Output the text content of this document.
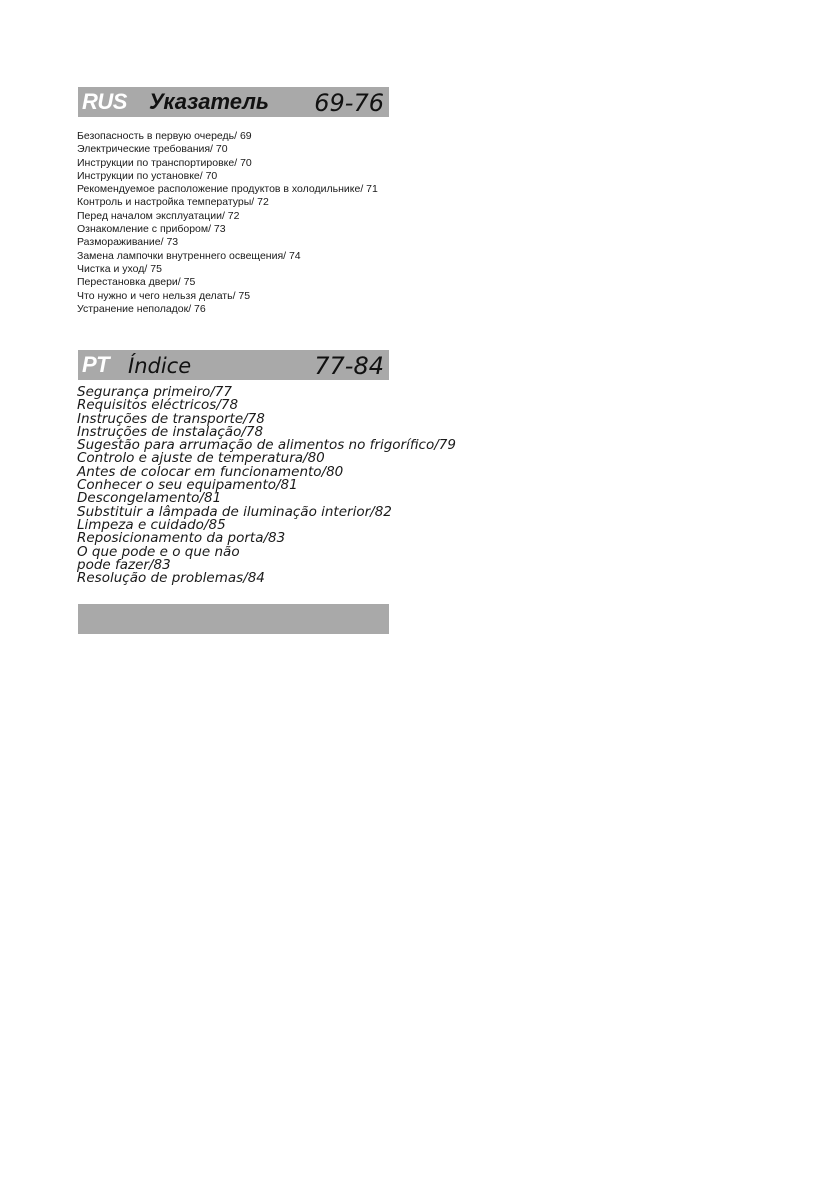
RUS Указатель 69-76
Безопасность в первую очередь/ 69
Электрические требования/ 70
Инструкции по транспортировке/ 70
Инструкции по установке/ 70
Рекомендуемое расположение продуктов в холодильнике/ 71
Контроль и настройка температуры/ 72
Перед началом эксплуатации/ 72
Ознакомление с прибором/ 73
Размораживание/ 73
Замена лампочки внутреннего освещения/ 74
Чистка и уход/ 75
Перестановка двери/ 75
Что нужно и чего нельзя делать/ 75
Устранение неполадок/ 76
PT Índice	77-84
Segurança primeiro/77
Requisitos eléctricos/78
Instruções de transporte/78
Instruções de instalação/78
Sugestão para arrumação de alimentos no frigorífico/79
Controlo e ajuste de temperatura/80
Antes de colocar em funcionamento/80
Conhecer o seu equipamento/81
Descongelamento/81
Substituir a lâmpada de iluminação interior/82
Limpeza e cuidado/85
Reposicionamento da porta/83
O que pode e o que não
pode fazer/83
Resolução de problemas/84
